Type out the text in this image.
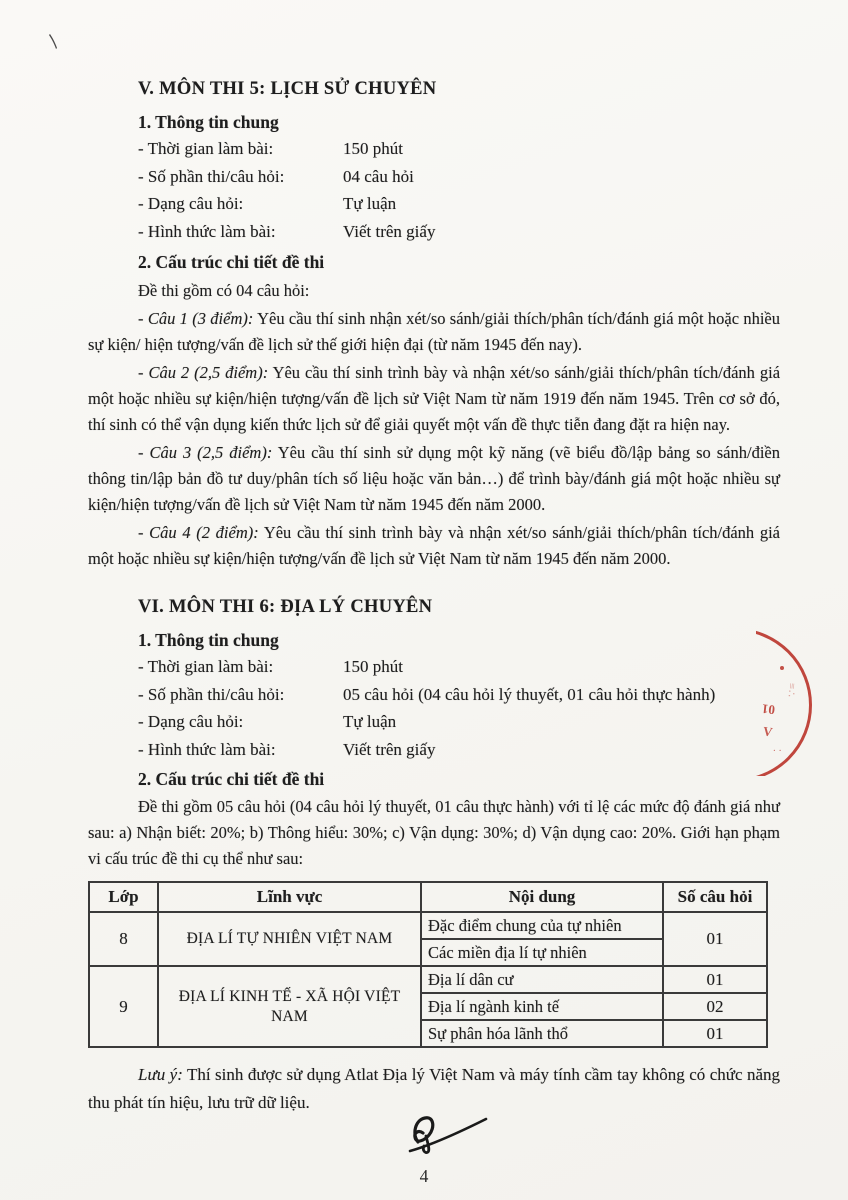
V. MÔN THI 5: LỊCH SỬ CHUYÊN
1. Thông tin chung
- Thời gian làm bài:	150 phút
- Số phần thi/câu hỏi:	04 câu hỏi
- Dạng câu hỏi:	Tự luận
- Hình thức làm bài:	Viết trên giấy
2. Cấu trúc chi tiết đề thi
Đề thi gồm có 04 câu hỏi:
- Câu 1 (3 điểm): Yêu cầu thí sinh nhận xét/so sánh/giải thích/phân tích/đánh giá một hoặc nhiều sự kiện/ hiện tượng/vấn đề lịch sử thế giới hiện đại (từ năm 1945 đến nay).
- Câu 2 (2,5 điểm): Yêu cầu thí sinh trình bày và nhận xét/so sánh/giải thích/phân tích/đánh giá một hoặc nhiều sự kiện/hiện tượng/vấn đề lịch sử Việt Nam từ năm 1919 đến năm 1945. Trên cơ sở đó, thí sinh có thể vận dụng kiến thức lịch sử để giải quyết một vấn đề thực tiễn đang đặt ra hiện nay.
- Câu 3 (2,5 điểm): Yêu cầu thí sinh sử dụng một kỹ năng (vẽ biểu đồ/lập bảng so sánh/điền thông tin/lập bản đồ tư duy/phân tích số liệu hoặc văn bản…) để trình bày/đánh giá một hoặc nhiều sự kiện/hiện tượng/vấn đề lịch sử Việt Nam từ năm 1945 đến năm 2000.
- Câu 4 (2 điểm): Yêu cầu thí sinh trình bày và nhận xét/so sánh/giải thích/phân tích/đánh giá một hoặc nhiều sự kiện/hiện tượng/vấn đề lịch sử Việt Nam từ năm 1945 đến năm 2000.
VI. MÔN THI 6: ĐỊA LÝ CHUYÊN
1. Thông tin chung
- Thời gian làm bài:	150 phút
- Số phần thi/câu hỏi:	05 câu hỏi (04 câu hỏi lý thuyết, 01 câu hỏi thực hành)
- Dạng câu hỏi:	Tự luận
- Hình thức làm bài:	Viết trên giấy
2. Cấu trúc chi tiết đề thi
Đề thi gồm 05 câu hỏi (04 câu hỏi lý thuyết, 01 câu thực hành) với tỉ lệ các mức độ đánh giá như sau: a) Nhận biết: 20%; b) Thông hiểu: 30%; c) Vận dụng: 30%; d) Vận dụng cao: 20%. Giới hạn phạm vi cấu trúc đề thi cụ thể như sau:
Lớp	Lĩnh vực	Nội dung	Số câu hỏi
8	ĐỊA LÍ TỰ NHIÊN VIỆT NAM	Đặc điểm chung của tự nhiên	01
		Các miền địa lí tự nhiên	
9	ĐỊA LÍ KINH TẾ - XÃ HỘI VIỆT NAM	Địa lí dân cư	01
		Địa lí ngành kinh tế	02
		Sự phân hóa lãnh thổ	01
Lưu ý: Thí sinh được sử dụng Atlat Địa lý Việt Nam và máy tính cầm tay không có chức năng thu phát tín hiệu, lưu trữ dữ liệu.
01
V
≡∴
..
4
